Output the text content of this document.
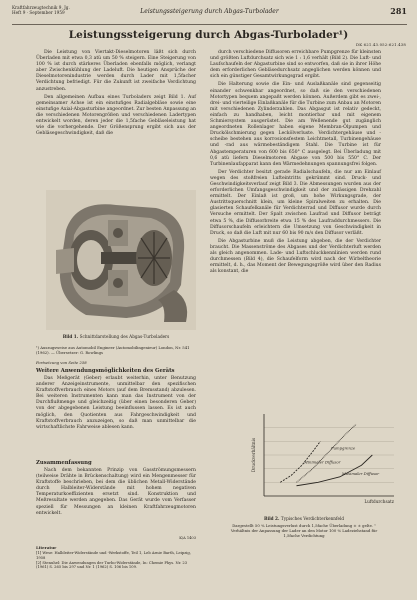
Kraftfahrzeugtechnik 9, Jg.
Heft 9 · September 1959	Leistungssteigerung durch Abgas-Turbolader	281
Leistungssteigerung durch Abgas-Turbolader¹)
DK 621.43.052:621.438

Die Leistung von Viertakt-Dieselmotoren läßt sich durch Überladen mit etwa 0,3 atü um 50 % steigern. Eine Steigerung von 100 % ist durch stärkeres Überladen ebenfalls möglich, verlangt aber Zwischenkühlung der Ladeluft. Die heutigen Ansprüche der Dieselmotorenindustrie werden durch Lader mit 1,5facher Verdichtung befriedigt. Für die Zukunft ist zweifache Verdichtung anzustreben.

Den allgemeinen Aufbau eines Turboladers zeigt Bild 1. Auf gemeinsamer Achse ist ein einstufiges Radialgebläse sowie eine einstufige Axial-Abgasturbine angeordnet. Zur besten Anpassung an die verschiedenen Motorengrößen und verschiedenen Ladertypen entwickelt worden, deren jeder die 1,5fache Gebläseleistung hat wie die vorhergehende. Der Größensprung ergibt sich aus der Gebläsegeschwindigkeit, daß die

Bild 1. Schnittdarstellung des Abgas-Turboladers
¹) Auszugsweise aus Automobil Engineer (Automobilingenieur) London, Nr. 541 (1962). — Übersetzer: G. Rowlings
Fortsetzung von Seite 258
Weitere Anwendungsmöglichkeiten des Geräts

Das Meßgerät (Geber) erlaubt weiterhin, unter Benutzung anderer Anzeigeinstrumente, unmittelbar den spezifischen Kraftstoffverbrauch eines Motors (auf dem Bremsstand) abzulesen. Bei weiteren Instrumenten kann man das Instrument von der Durchflußmenge und gleichzeitig (über einen besonderen Geber) von der abgegebenen Leistung beeinflussen lassen. Es ist auch möglich, den Quotienten aus Fahrgeschwindigkeit und Kraftstoffverbrauch anzuzeigen, so daß man unmittelbar die wirtschaftlichste Fahrweise ablesen kann.

Zusammenfassung

Nach dem bekannten Prinzip von Gasströmungsmessern (teilweise Drähte in Brückenschaltung) wird ein Mengenmesser für Kraftstoffe beschrieben, bei dem die üblichen Metall-Widerstände durch Halbleiter-Widerstände mit hohem negativen Temperaturkoeffizienten ersetzt sind. Konstruktion und Meßresultate werden angegeben. Das Gerät wurde vom Verfasser speziell für Messungen an kleinen Kraftfahrzeugmotoren entwickelt.

K/A 1403
Literatur
[1] Wese: Halbleiter-Widerstände und -Werkstoffe, Teil 1, Leb Arnie Barth, Leipzig, 1958
[2] Stenuhel: Die Anwendungen der Turbo-Widerstände, In: Chemie Phys. Nr. 23 (1961) S. 265 bis 297 und Nr. 1 (1962) S. 106 bis 109.

durch verschiedene Diffusoren erreichbare Pumpgrenze für kleinsten und größten Luftdurchsatz sich wie 1 : 1,6 verhält (Bild 2). Die Luft- und Laufschaufeln der Abgasturbine sind so entworfen, daß sie in ihrer Höhe dem erforderlichen Gebläsedurchsatz angeglichen werden können und sich ein günstiger Gesamtwirkungsgrad ergibt.

Die Halterung sowie die Ein- und Auslaßkanäle sind gegenseitig einander schwenkbar angeordnet, so daß sie den verschiedenen Motortypen bequem angepaßt werden können. Außerdem gibt es zwei-, drei- und vierteilige Einlaßkanäle für die Turbine zum Anbau an Motoren mit verschiedenen Zylinderzahlen. Das Abgasgut ist relativ gedeckt, einfach zu handhaben, leicht montierbar und mit eigenem Schmiersystem ausgerüstet. Die am Wellenende gut zugänglich angeordneten Rollenlager haben eigene Membran-Ölpumpen und Druckölschmierung gegen Leckölverluste. Verdichtergehäuse und -scheibe bestehen aus korrosionsfestem Leichtmetall, Turbinengehäuse und -rad aus wärmebeständigem Stahl. Die Turbine ist für Abgastemperaturen von 600 bis 650° C ausgelegt. Bei Überladung mit 0,6 atü liefern Dieselmotoren Abgase von 500 bis 550° C. Der Turbinenlaufapparat kann den Wärmedehnungen spannungsfrei folgen.

Der Verdichter besitzt gerade Radialschaufeln, die nur am Einlauf wegen des stoßfreien Lufteintritts gekrümmt sind. Druck- und Geschwindigkeitsverlauf zeigt Bild 3. Die Abmessungen wurden aus der erforderlichen Umfangsgeschwindigkeit und der zulässigen Drehzahl ermittelt. Der Einlaß ist groß, um hohe Wirkungsgrade, der Austrittsquerschnitt klein, um kleine Spiralweiten zu erhalten. Die glasierten Schaufelkanäle für Verdichterrad und Diffusor wurde durch Versuche ermittelt. Der Spalt zwischen Laufrad und Diffusor beträgt etwa 5 %, die Diffusorbreite etwa 15 % des Laufraddurchmessers. Die Diffusorschaufeln erleichtern die Umsetzung von Geschwindigkeit in Druck, so daß die Luft mit nur 60 bis 90 m/s den Diffusor verläßt.

Die Abgasturbine muß die Leistung abgeben, die der Verdichter braucht. Die Massenströme des Abgases und der Verdichterluft werden als gleich angenommen. Lade- und Luftschluckkennlinien werden rund durchmessen (Bild 4), die Schaufelform wird nach der Wirbeltheorie ermittelt, d. h., das Moment der Bewegungsgröße wird über den Radius als konstant, die

Maximaler Diffusor
Minimaler Diffusor
Pumpgrenze
Luftdurchsatz
Druckverhältnis
Bild 2. Typisches Verdichterkennfeld
Dargestellt 50 % Leistungsverlust durch 1,5fache Überladung ± ± gelte. ¹ Verhältnis der Anpassung der Lader an den Motor 100 % Ladeziehstand für 1,5fache Verdichtung
